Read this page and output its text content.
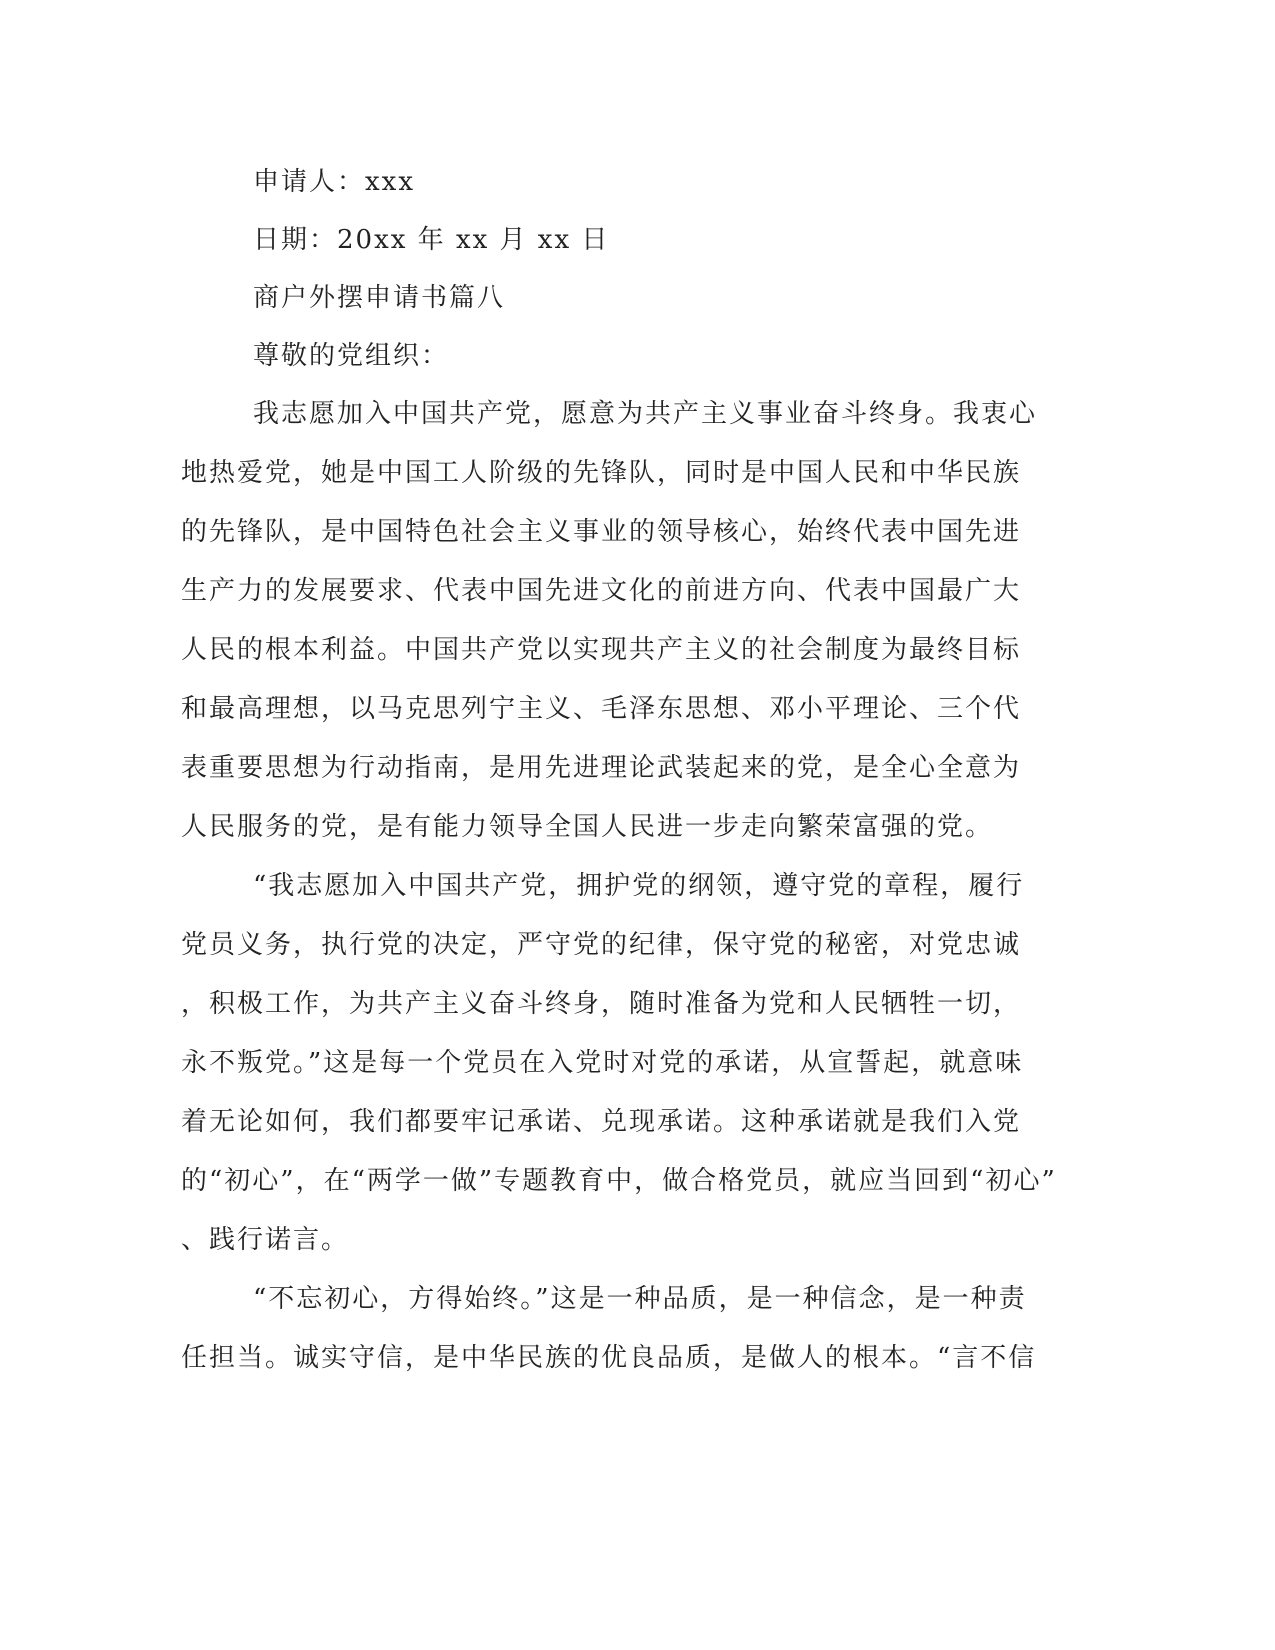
申请人：xxx
日期：20xx 年 xx 月 xx 日
商户外摆申请书篇八
尊敬的党组织：
我志愿加入中国共产党，愿意为共产主义事业奋斗终身。我衷心
地热爱党，她是中国工人阶级的先锋队，同时是中国人民和中华民族
的先锋队，是中国特色社会主义事业的领导核心，始终代表中国先进
生产力的发展要求、代表中国先进文化的前进方向、代表中国最广大
人民的根本利益。中国共产党以实现共产主义的社会制度为最终目标
和最高理想，以马克思列宁主义、毛泽东思想、邓小平理论、三个代
表重要思想为行动指南，是用先进理论武装起来的党，是全心全意为
人民服务的党，是有能力领导全国人民进一步走向繁荣富强的党。
“我志愿加入中国共产党，拥护党的纲领，遵守党的章程，履行
党员义务，执行党的决定，严守党的纪律，保守党的秘密，对党忠诚
，积极工作，为共产主义奋斗终身，随时准备为党和人民牺牲一切，
永不叛党。”这是每一个党员在入党时对党的承诺，从宣誓起，就意味
着无论如何，我们都要牢记承诺、兑现承诺。这种承诺就是我们入党
的“初心”，在“两学一做”专题教育中，做合格党员，就应当回到“初心”
、践行诺言。
“不忘初心，方得始终。”这是一种品质，是一种信念，是一种责
任担当。诚实守信，是中华民族的优良品质，是做人的根本。“言不信
